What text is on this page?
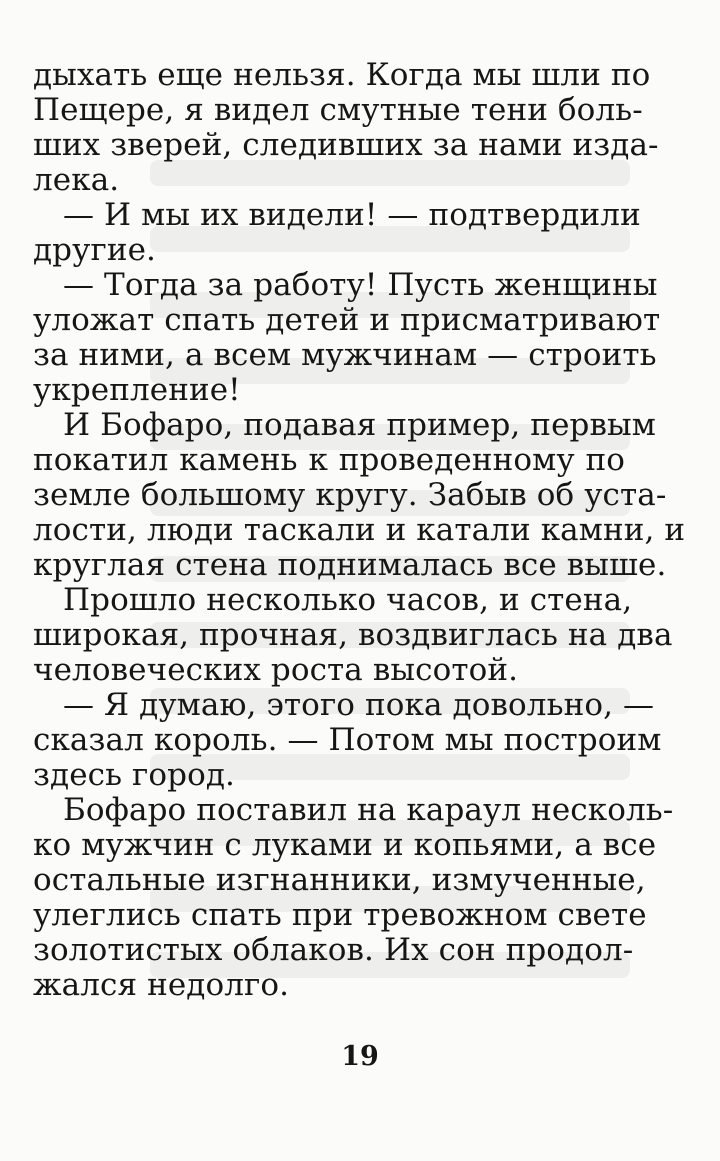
дыхать еще нельзя. Когда мы шли по
Пещере, я видел смутные тени боль-
ших зверей, следивших за нами изда-
лека.
— И мы их видели! — подтвердили
другие.
— Тогда за работу! Пусть женщины
уложат спать детей и присматривают
за ними, а всем мужчинам — строить
укрепление!
И Бофаро, подавая пример, первым
покатил камень к проведенному по
земле большому кругу. Забыв об уста-
лости, люди таскали и катали камни, и
круглая стена поднималась все выше.
Прошло несколько часов, и стена,
широкая, прочная, воздвиглась на два
человеческих роста высотой.
— Я думаю, этого пока довольно, —
сказал король. — Потом мы построим
здесь город.
Бофаро поставил на караул несколь-
ко мужчин с луками и копьями, а все
остальные изгнанники, измученные,
улеглись спать при тревожном свете
золотистых облаков. Их сон продол-
жался недолго.
19
